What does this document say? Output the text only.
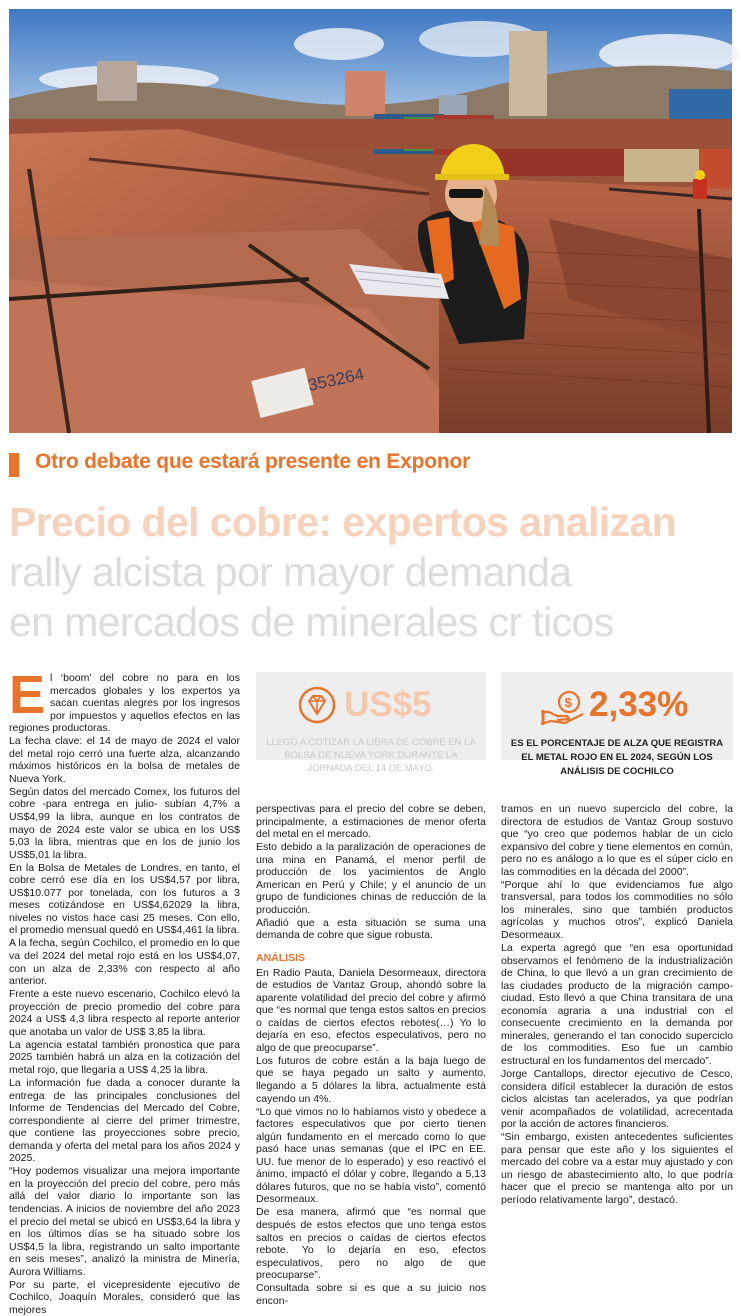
353264
Otro debate que estará presente en Exponor
Precio del cobre: expertos analizan
rally alcista por mayor demanda
en mercados de minerales cr ticos
US$5
LLEGÓ A COTIZAR LA LIBRA DE COBRE EN LA BOLSA DE NUEVA YORK DURANTE LA JORNADA DEL 14 DE MAYO.
$ 2,33%
ES EL PORCENTAJE DE ALZA QUE REGISTRA EL METAL ROJO EN EL 2024, SEGÚN LOS ANÁLISIS DE COCHILCO

El ‘boom’ del cobre no para en los mercados globales y los expertos ya sacan cuentas alegres por los ingresos por impuestos y aquellos efectos en las regiones productoras.

La fecha clave: el 14 de mayo de 2024 el valor del metal rojo cerró una fuerte alza, alcanzando máximos históricos en la bolsa de metales de Nueva York.

Según datos del mercado Comex, los futuros del cobre -para entrega en julio- subían 4,7% a US$4,99 la libra, aunque en los contratos de mayo de 2024 este valor se ubica en los US$ 5,03 la libra, mientras que en los de junio los US$5,01 la libra.

En la Bolsa de Metales de Londres, en tanto, el cobre cerró ese día en los US$4,57 por libra, US$10.077 por tonelada, con los futuros a 3 meses cotizándose en US$4,62029 la libra, niveles no vistos hace casi 25 meses. Con ello, el promedio mensual quedó en US$4,461 la libra.

A la fecha, según Cochilco, el promedio en lo que va del 2024 del metal rojo está en los US$4,07, con un alza de 2,33% con respecto al año anterior.

Frente a este nuevo escenario, Cochilco elevó la proyección de precio promedio del cobre para 2024 a US$ 4,3 libra respecto al reporte anterior que anotaba un valor de US$ 3,85 la libra.

La agencia estatal también pronostica que para 2025 también habrá un alza en la cotización del metal rojo, que llegaría a US$ 4,25 la libra.

La información fue dada a conocer durante la entrega de las principales conclusiones del Informe de Tendencias del Mercado del Cobre, correspondiente al cierre del primer trimestre, que contiene las proyecciones sobre precio, demanda y oferta del metal para los años 2024 y 2025.

“Hoy podemos visualizar una mejora importante en la proyección del precio del cobre, pero más allá del valor diario lo importante son las tendencias. A inicios de noviembre del año 2023 el precio del metal se ubicó en US$3,64 la libra y en los últimos días se ha situado sobre los US$4,5 la libra, registrando un salto importante en seis meses”, analizó la ministra de Minería, Aurora Williams.

Por su parte, el vicepresidente ejecutivo de Cochilco, Joaquín Morales, consideró que las mejores

perspectivas para el precio del cobre se deben, principalmente, a estimaciones de menor oferta del metal en el mercado.

Esto debido a la paralización de operaciones de una mina en Panamá, el menor perfil de producción de los yacimientos de Anglo American en Perú y Chile; y el anuncio de un grupo de fundiciones chinas de reducción de la producción.

Añadió que a esta situación se suma una demanda de cobre que sigue robusta.

ANÁLISIS

En Radio Pauta, Daniela Desormeaux, directora de estudios de Vantaz Group, ahondó sobre la aparente volatilidad del precio del cobre y afirmó que “es normal que tenga estos saltos en precios o caídas de ciertos efectos rebotes(…) Yo lo dejaría en eso, efectos especulativos, pero no algo de que preocuparse”.

Los futuros de cobre están a la baja luego de que se haya pegado un salto y aumento, llegando a 5 dólares la libra, actualmente está cayendo un 4%.

“Lo que vimos no lo habíamos visto y obedece a factores especulativos que por cierto tienen algún fundamento en el mercado como lo que pasó hace unas semanas (que el IPC en EE. UU. fue menor de lo esperado) y eso reactivó el ánimo, impactó el dólar y cobre, llegando a 5,13 dólares futuros, que no se había visto”, comentó Desormeaux.

De esa manera, afirmó que “es normal que después de estos efectos que uno tenga estos saltos en precios o caídas de ciertos efectos rebote. Yo lo dejaría en eso, efectos especulativos, pero no algo de que preocuparse”.

Consultada sobre si es que a su juicio nos encon-

tramos en un nuevo superciclo del cobre, la directora de estudios de Vantaz Group sostuvo que “yo creo que podemos hablar de un ciclo expansivo del cobre y tiene elementos en común, pero no es análogo a lo que es el súper ciclo en las commodities en la década del 2000”.

“Porque ahí lo que evidenciamos fue algo transversal, para todos los commodities no sólo los minerales, sino que también productos agrícolas y muchos otros”, explicó Daniela Desormeaux.

La experta agregó que “en esa oportunidad observamos el fenómeno de la industrialización de China, lo que llevó a un gran crecimiento de las ciudades producto de la migración campo-ciudad. Esto llevó a que China transitara de una economía agraria a una industrial con el consecuente crecimiento en la demanda por minerales, generando el tan conocido superciclo de los commodities. Eso fue un cambio estructural en los fundamentos del mercado”.

Jorge Cantallops, director ejecutivo de Cesco, considera difícil establecer la duración de estos ciclos alcistas tan acelerados, ya que podrían venir acompañados de volatilidad, acrecentada por la acción de actores financieros.

“Sin embargo, existen antecedentes suficientes para pensar que este año y los siguientes el mercado del cobre va a estar muy ajustado y con un riesgo de abastecimiento alto, lo que podría hacer que el precio se mantenga alto por un período relativamente largo”, destacó.
